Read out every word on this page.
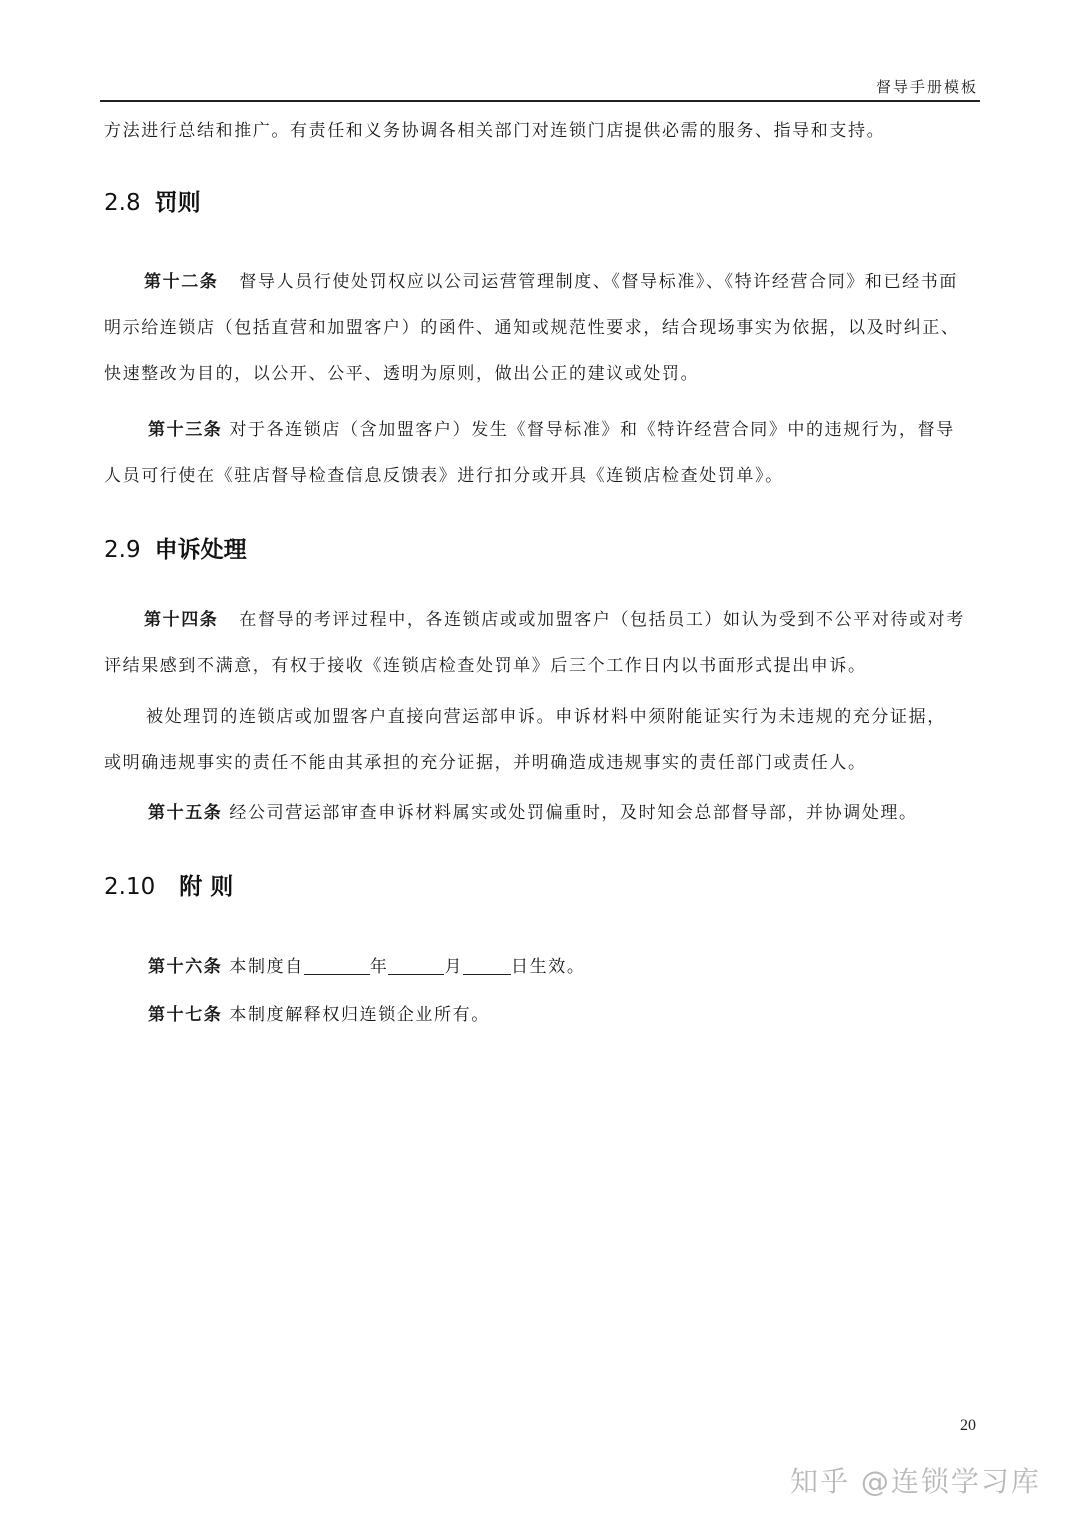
督导手册模板

方法进行总结和推广。有责任和义务协调各相关部门对连锁门店提供必需的服务、指导和支持。

2.8 罚则

第十二条 督导人员行使处罚权应以公司运营管理制度、《督导标准》、《特许经营合同》和已经书面
明示给连锁店（包括直营和加盟客户）的函件、通知或规范性要求，结合现场事实为依据，以及时纠正、
快速整改为目的，以公开、公平、透明为原则，做出公正的建议或处罚。

第十三条 对于各连锁店（含加盟客户）发生《督导标准》和《特许经营合同》中的违规行为，督导
人员可行使在《驻店督导检查信息反馈表》进行扣分或开具《连锁店检查处罚单》。

2.9 申诉处理

第十四条 在督导的考评过程中，各连锁店或或加盟客户（包括员工）如认为受到不公平对待或对考
评结果感到不满意，有权于接收《连锁店检查处罚单》后三个工作日内以书面形式提出申诉。

被处理罚的连锁店或加盟客户直接向营运部申诉。申诉材料中须附能证实行为未违规的充分证据，
或明确违规事实的责任不能由其承担的充分证据，并明确造成违规事实的责任部门或责任人。

第十五条 经公司营运部审查申诉材料属实或处罚偏重时，及时知会总部督导部，并协调处理。

2.10 附 则

第十六条 本制度自	年	月	日生效。

第十七条 本制度解释权归连锁企业所有。

20
知乎 @连锁学习库
